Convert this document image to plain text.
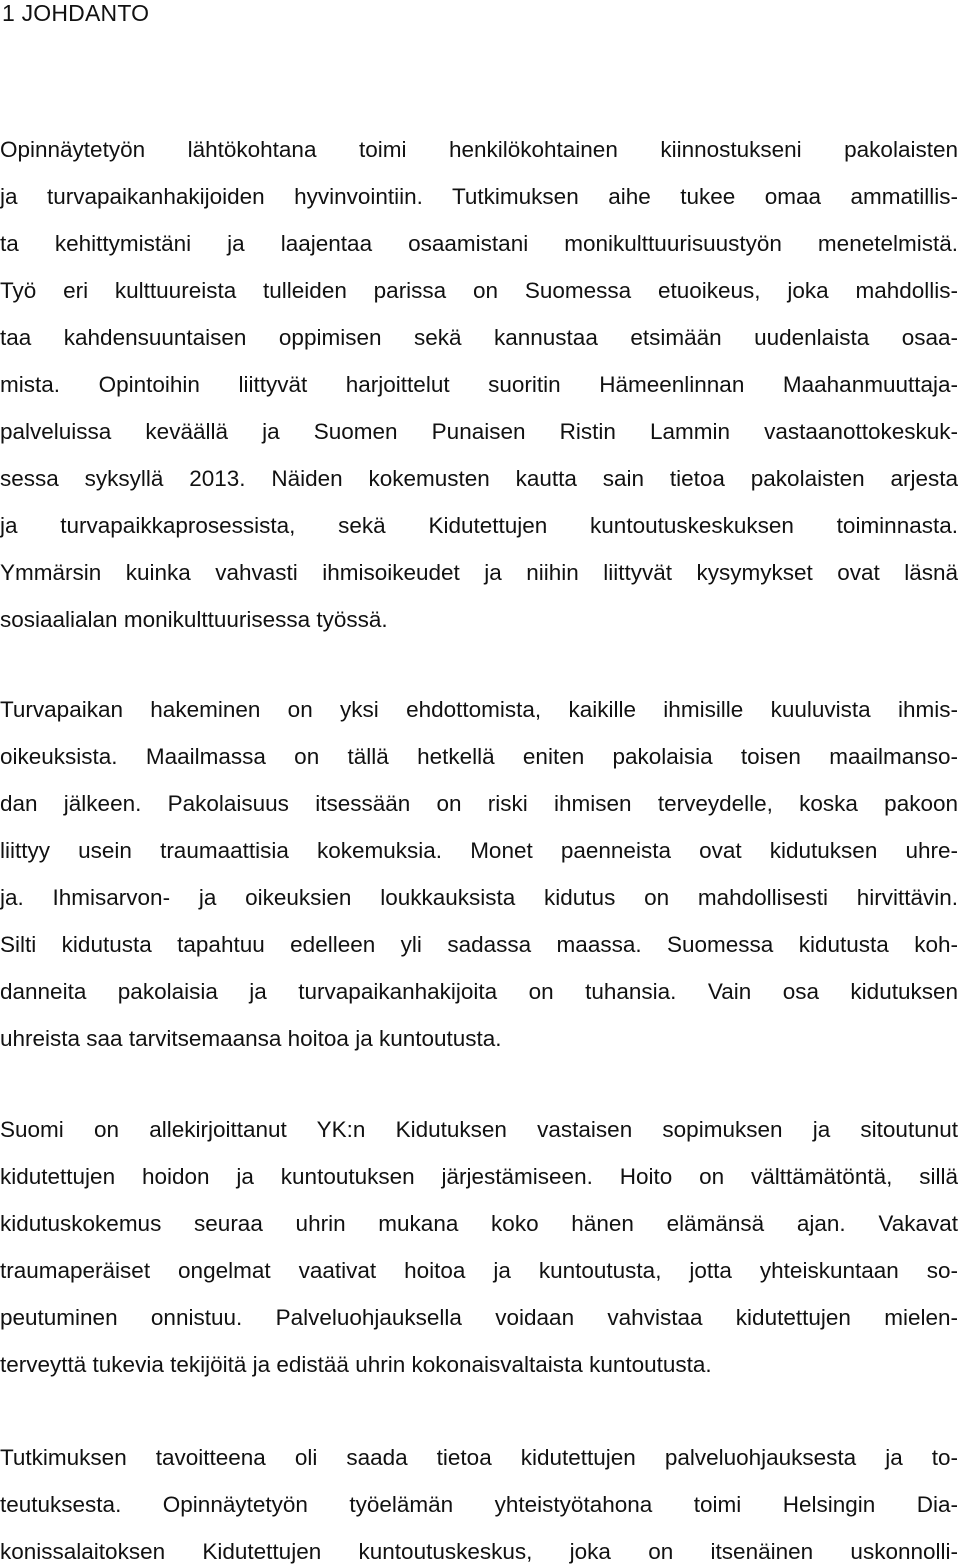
1 JOHDANTO

Opinnäytetyön lähtökohtana toimi henkilökohtainen kiinnostukseni pakolaisten

ja turvapaikanhakijoiden hyvinvointiin. Tutkimuksen aihe tukee omaa ammatillis-

ta kehittymistäni ja laajentaa osaamistani monikulttuurisuustyön menetelmistä.

Työ eri kulttuureista tulleiden parissa on Suomessa etuoikeus, joka mahdollis-

taa kahdensuuntaisen oppimisen sekä kannustaa etsimään uudenlaista osaa-

mista. Opintoihin liittyvät harjoittelut suoritin Hämeenlinnan Maahanmuuttaja-

palveluissa keväällä ja Suomen Punaisen Ristin Lammin vastaanottokeskuk-

sessa syksyllä 2013. Näiden kokemusten kautta sain tietoa pakolaisten arjesta

ja turvapaikkaprosessista, sekä Kidutettujen kuntoutuskeskuksen toiminnasta.

Ymmärsin kuinka vahvasti ihmisoikeudet ja niihin liittyvät kysymykset ovat läsnä

sosiaalialan monikulttuurisessa työssä.

Turvapaikan hakeminen on yksi ehdottomista, kaikille ihmisille kuuluvista ihmis-

oikeuksista. Maailmassa on tällä hetkellä eniten pakolaisia toisen maailmanso-

dan jälkeen. Pakolaisuus itsessään on riski ihmisen terveydelle, koska pakoon

liittyy usein traumaattisia kokemuksia. Monet paenneista ovat kidutuksen uhre-

ja. Ihmisarvon- ja oikeuksien loukkauksista kidutus on mahdollisesti hirvittävin.

Silti kidutusta tapahtuu edelleen yli sadassa maassa. Suomessa kidutusta koh-

danneita pakolaisia ja turvapaikanhakijoita on tuhansia. Vain osa kidutuksen

uhreista saa tarvitsemaansa hoitoa ja kuntoutusta.

Suomi on allekirjoittanut YK:n Kidutuksen vastaisen sopimuksen ja sitoutunut

kidutettujen hoidon ja kuntoutuksen järjestämiseen. Hoito on välttämätöntä, sillä

kidutuskokemus seuraa uhrin mukana koko hänen elämänsä ajan. Vakavat

traumaperäiset ongelmat vaativat hoitoa ja kuntoutusta, jotta yhteiskuntaan so-

peutuminen onnistuu. Palveluohjauksella voidaan vahvistaa kidutettujen mielen-

terveyttä tukevia tekijöitä ja edistää uhrin kokonaisvaltaista kuntoutusta.

Tutkimuksen tavoitteena oli saada tietoa kidutettujen palveluohjauksesta ja to-

teutuksesta. Opinnäytetyön työelämän yhteistyötahona toimi Helsingin Dia-

konissalaitoksen Kidutettujen kuntoutuskeskus, joka on itsenäinen uskonnolli-
